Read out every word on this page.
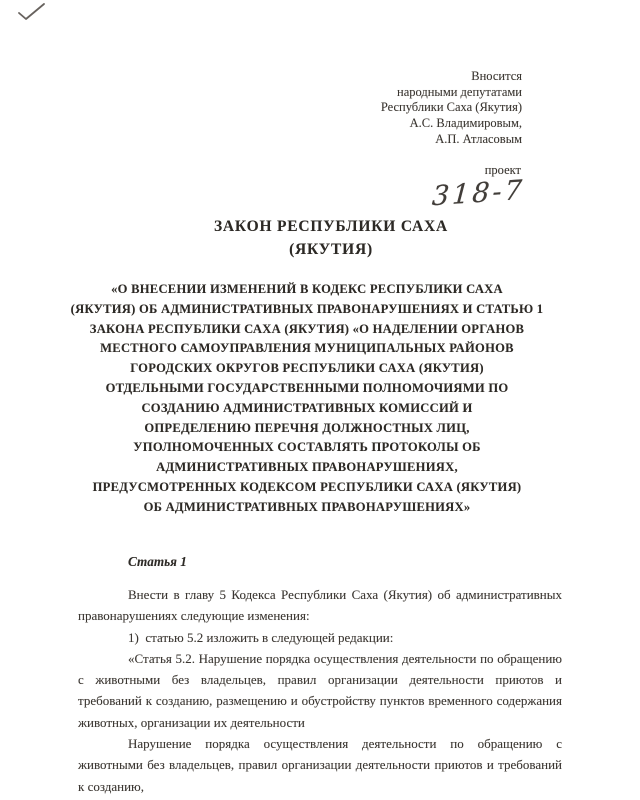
Вносится
народными депутатами
Республики Саха (Якутия)
А.С. Владимировым,
А.П. Атласовым
проект
318-7
ЗАКОН РЕСПУБЛИКИ САХА
(ЯКУТИЯ)
«О ВНЕСЕНИИ ИЗМЕНЕНИЙ В КОДЕКС РЕСПУБЛИКИ САХА
(ЯКУТИЯ) ОБ АДМИНИСТРАТИВНЫХ ПРАВОНАРУШЕНИЯХ И СТАТЬЮ 1
ЗАКОНА РЕСПУБЛИКИ САХА (ЯКУТИЯ) «О НАДЕЛЕНИИ ОРГАНОВ
МЕСТНОГО САМОУПРАВЛЕНИЯ МУНИЦИПАЛЬНЫХ РАЙОНОВ
ГОРОДСКИХ ОКРУГОВ РЕСПУБЛИКИ САХА (ЯКУТИЯ)
ОТДЕЛЬНЫМИ ГОСУДАРСТВЕННЫМИ ПОЛНОМОЧИЯМИ ПО
СОЗДАНИЮ АДМИНИСТРАТИВНЫХ КОМИССИЙ И
ОПРЕДЕЛЕНИЮ ПЕРЕЧНЯ ДОЛЖНОСТНЫХ ЛИЦ,
УПОЛНОМОЧЕННЫХ СОСТАВЛЯТЬ ПРОТОКОЛЫ ОБ
АДМИНИСТРАТИВНЫХ ПРАВОНАРУШЕНИЯХ,
ПРЕДУСМОТРЕННЫХ КОДЕКСОМ РЕСПУБЛИКИ САХА (ЯКУТИЯ)
ОБ АДМИНИСТРАТИВНЫХ ПРАВОНАРУШЕНИЯХ»
Статья 1

Внести в главу 5 Кодекса Республики Саха (Якутия) об административных правонарушениях следующие изменения:

1)  статью 5.2 изложить в следующей редакции:

«Статья 5.2. Нарушение порядка осуществления деятельности по обращению с животными без владельцев, правил организации деятельности приютов и требований к созданию, размещению и обустройству пунктов временного содержания животных, организации их деятельности

Нарушение порядка осуществления деятельности по обращению с животными без владельцев, правил организации деятельности приютов и требований к созданию,
